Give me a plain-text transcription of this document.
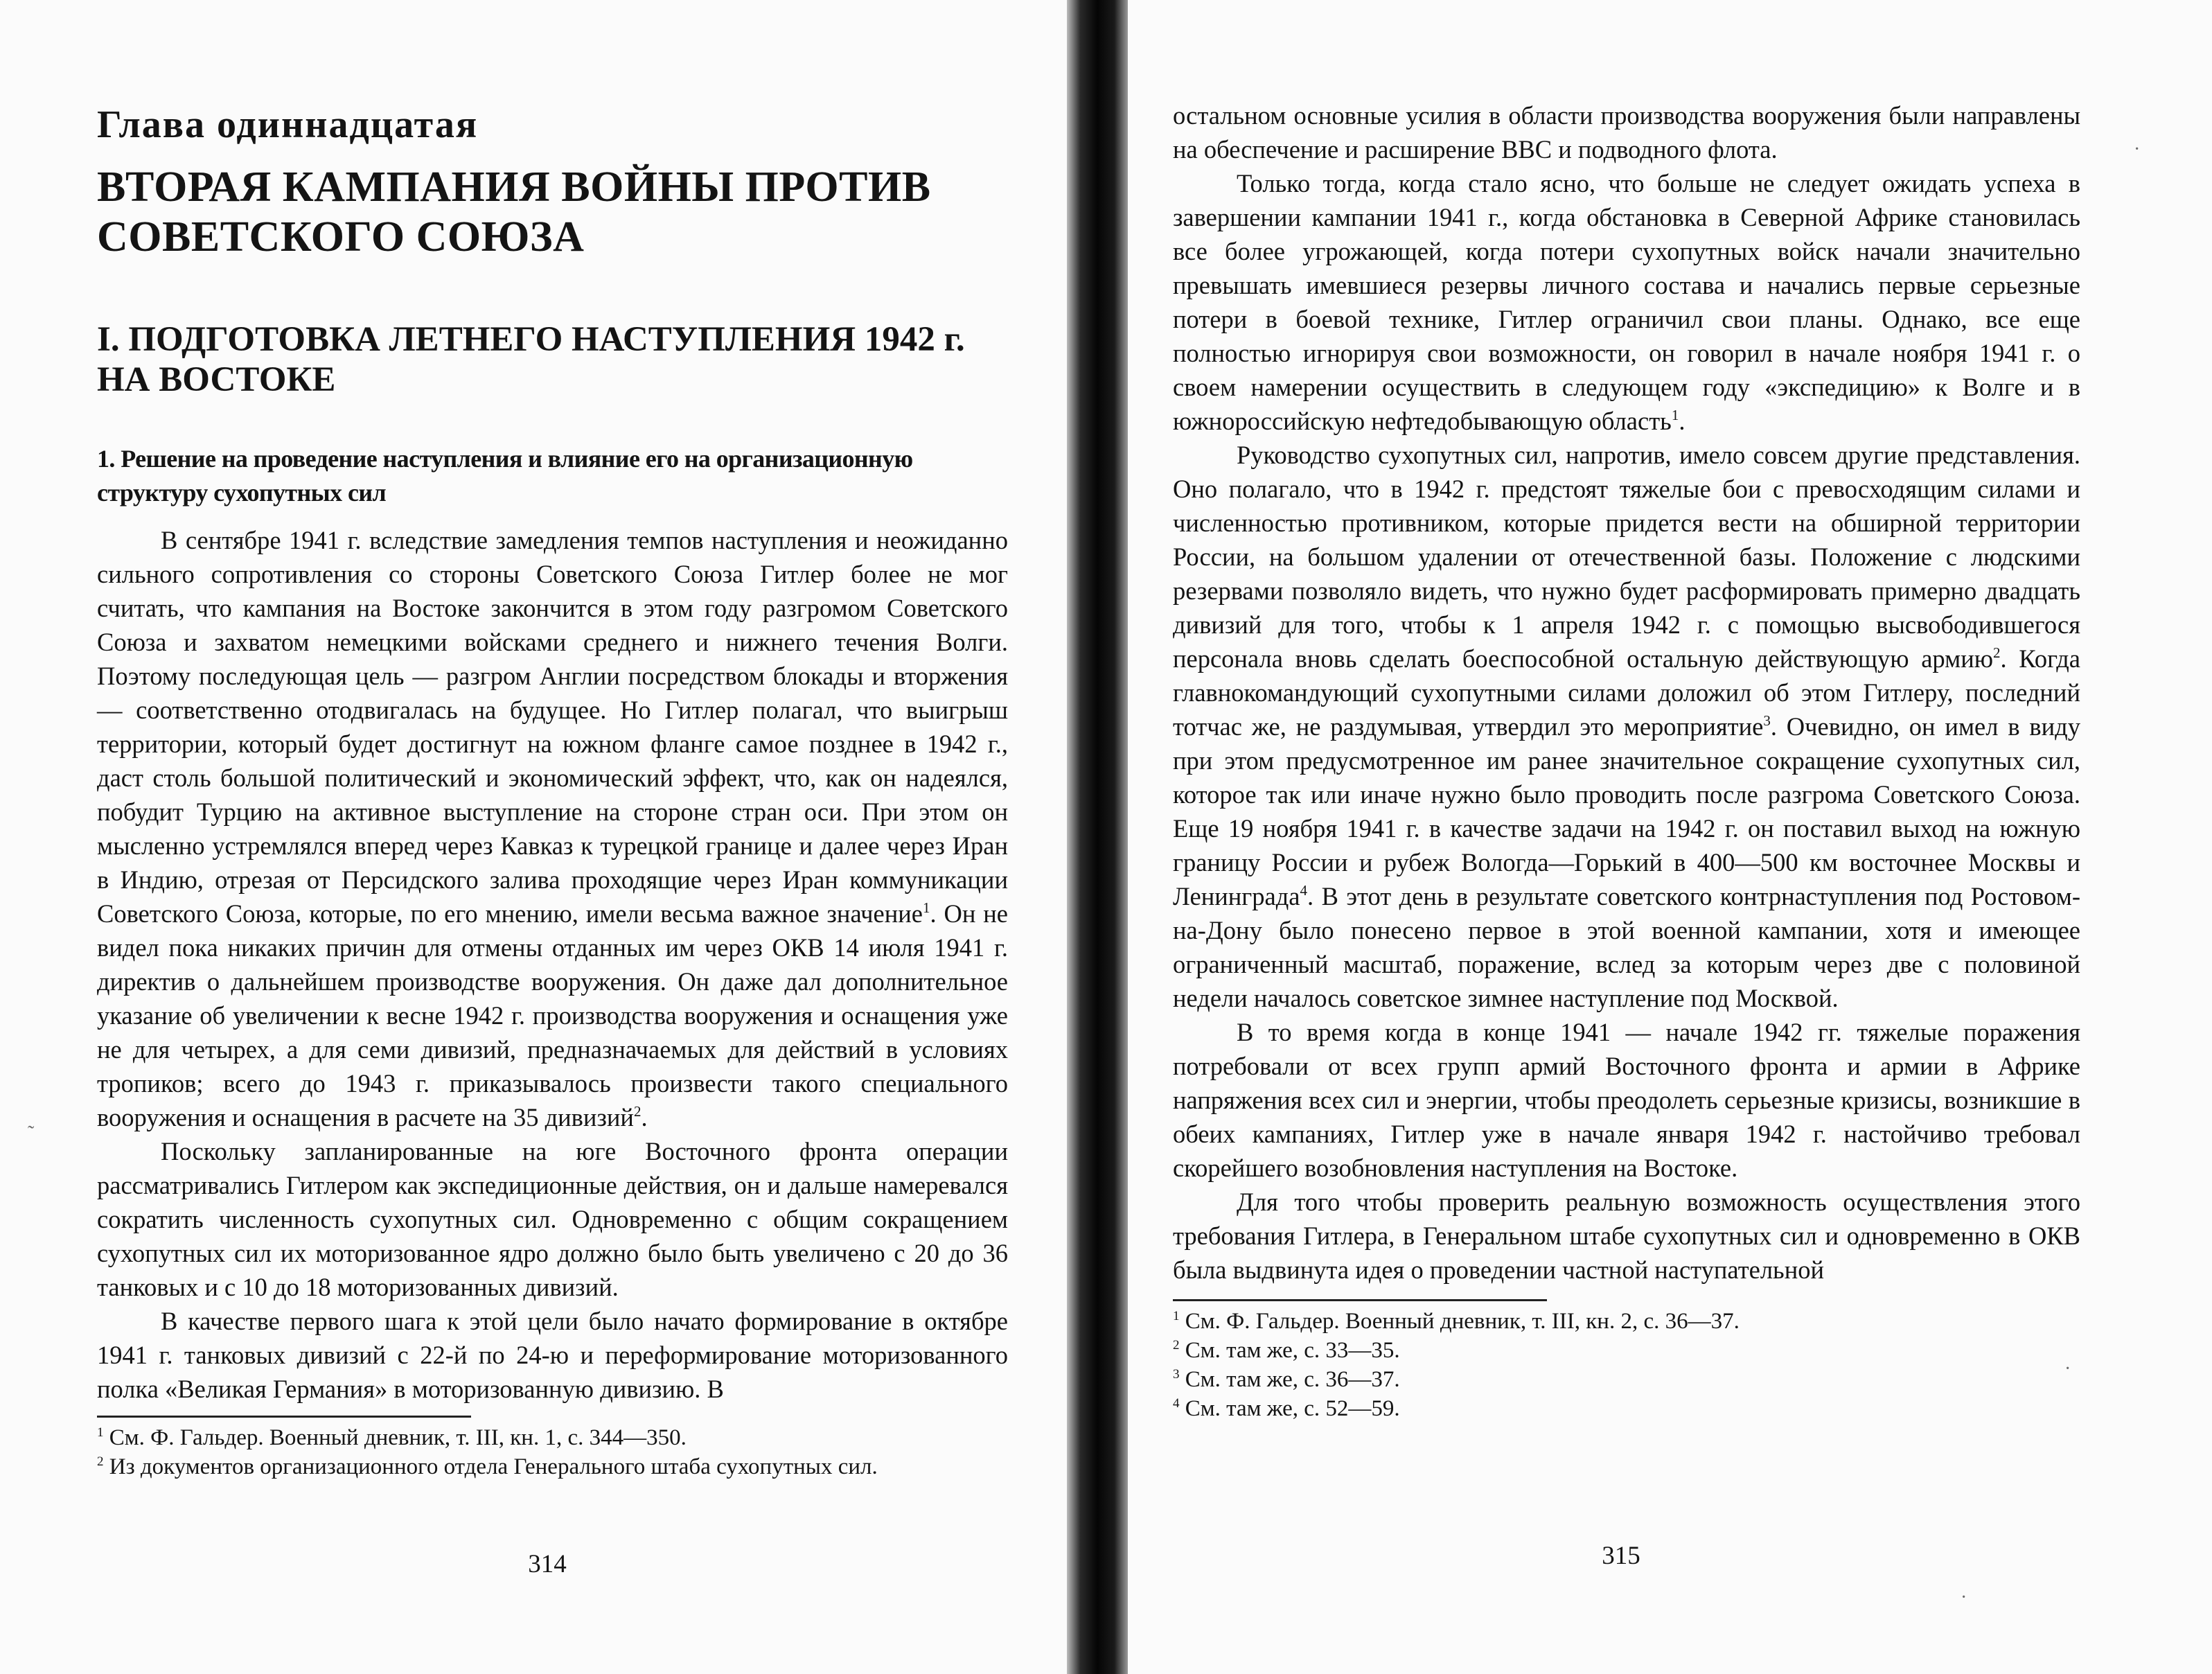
Глава одиннадцатая
ВТОРАЯ КАМПАНИЯ ВОЙНЫ ПРОТИВ СОВЕТСКОГО СОЮЗА
I. ПОДГОТОВКА ЛЕТНЕГО НАСТУПЛЕНИЯ 1942 г. НА ВОСТОКЕ
1. Решение на проведение наступления и влияние его на организационную структуру сухопутных сил

В сентябре 1941 г. вследствие замедления темпов наступления и неожиданно сильного сопротивления со стороны Советского Союза Гитлер более не мог считать, что кампания на Востоке закончится в этом году разгромом Советского Союза и захватом немецкими войсками среднего и нижнего течения Волги. Поэтому последующая цель — разгром Англии посредством блокады и вторжения — соответственно отодвигалась на будущее. Но Гитлер полагал, что выигрыш территории, который будет достигнут на южном фланге самое позднее в 1942 г., даст столь большой политический и экономический эффект, что, как он надеялся, побудит Турцию на активное выступление на стороне стран оси. При этом он мысленно устремлялся вперед через Кавказ к турецкой границе и далее через Иран в Индию, отрезая от Персидского залива проходящие через Иран коммуникации Советского Союза, которые, по его мнению, имели весьма важное значение$^1$. Он не видел пока никаких причин для отмены отданных им через ОКВ 14 июля 1941 г. директив о дальнейшем производстве вооружения. Он даже дал дополнительное указание об увеличении к весне 1942 г. производства вооружения и оснащения уже не для четырех, а для семи дивизий, предназначаемых для действий в условиях тропиков; всего до 1943 г. приказывалось произвести такого специального вооружения и оснащения в расчете на 35 дивизий$^2$.

Поскольку запланированные на юге Восточного фронта операции рассматривались Гитлером как экспедиционные действия, он и дальше намеревался сократить численность сухопутных сил. Одновременно с общим сокращением сухопутных сил их моторизованное ядро должно было быть увеличено с 20 до 36 танковых и с 10 до 18 моторизованных дивизий.

В качестве первого шага к этой цели было начато формирование в октябре 1941 г. танковых дивизий с 22-й по 24-ю и переформирование моторизованного полка «Великая Германия» в моторизованную дивизию. В

$^1$ См. Ф. Гальдер. Военный дневник, т. III, кн. 1, с. 344—350.

$^2$ Из документов организационного отдела Генерального штаба сухопутных сил.

314

остальном основные усилия в области производства вооружения были направлены на обеспечение и расширение ВВС и подводного флота.

Только тогда, когда стало ясно, что больше не следует ожидать успеха в завершении кампании 1941 г., когда обстановка в Северной Африке становилась все более угрожающей, когда потери сухопутных войск начали значительно превышать имевшиеся резервы личного состава и начались первые серьезные потери в боевой технике, Гитлер ограничил свои планы. Однако, все еще полностью игнорируя свои возможности, он говорил в начале ноября 1941 г. о своем намерении осуществить в следующем году «экспедицию» к Волге и в южнороссийскую нефтедобывающую область$^1$.

Руководство сухопутных сил, напротив, имело совсем другие представления. Оно полагало, что в 1942 г. предстоят тяжелые бои с превосходящим силами и численностью противником, которые придется вести на обширной территории России, на большом удалении от отечественной базы. Положение с людскими резервами позволяло видеть, что нужно будет расформировать примерно двадцать дивизий для того, чтобы к 1 апреля 1942 г. с помощью высвободившегося персонала вновь сделать боеспособной остальную действующую армию$^2$. Когда главнокомандующий сухопутными силами доложил об этом Гитлеру, последний тотчас же, не раздумывая, утвердил это мероприятие$^3$. Очевидно, он имел в виду при этом предусмотренное им ранее значительное сокращение сухопутных сил, которое так или иначе нужно было проводить после разгрома Советского Союза. Еще 19 ноября 1941 г. в качестве задачи на 1942 г. он поставил выход на южную границу России и рубеж Вологда—Горький в 400—500 км восточнее Москвы и Ленинграда$^4$. В этот день в результате советского контрнаступления под Ростовом-на-Дону было понесено первое в этой военной кампании, хотя и имеющее ограниченный масштаб, поражение, вслед за которым через две с половиной недели началось советское зимнее наступление под Москвой.

В то время когда в конце 1941 — начале 1942 гг. тяжелые поражения потребовали от всех групп армий Восточного фронта и армии в Африке напряжения всех сил и энергии, чтобы преодолеть серьезные кризисы, возникшие в обеих кампаниях, Гитлер уже в начале января 1942 г. настойчиво требовал скорейшего возобновления наступления на Востоке.

Для того чтобы проверить реальную возможность осуществления этого требования Гитлера, в Генеральном штабе сухопутных сил и одновременно в ОКВ была выдвинута идея о проведении частной наступательной

$^1$ См. Ф. Гальдер. Военный дневник, т. III, кн. 2, с. 36—37.

$^2$ См. там же, с. 33—35.

$^3$ См. там же, с. 36—37.

$^4$ См. там же, с. 52—59.

315
˜
·
·
·
